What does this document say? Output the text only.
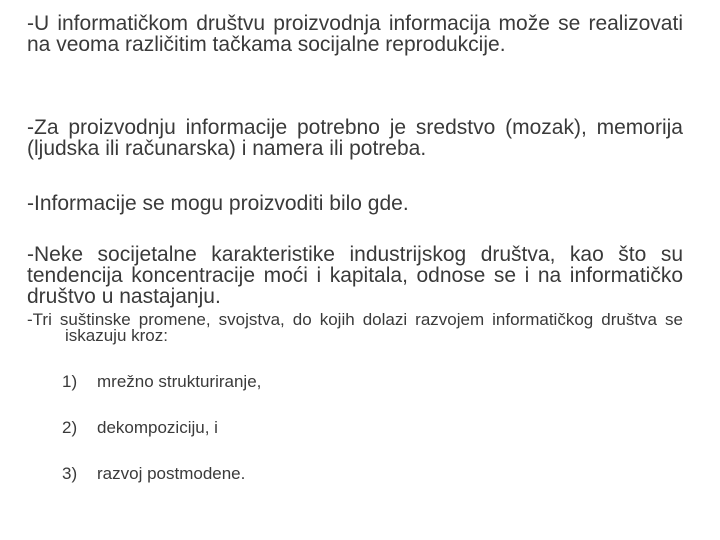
-U informatičkom društvu proizvodnja informacija može se realizovati na veoma različitim tačkama socijalne reprodukcije.

-Za proizvodnju informacije potrebno je sredstvo (mozak), memorija (ljudska ili računarska) i namera ili potreba.

-Informacije se mogu proizvoditi bilo gde.

-Neke socijetalne karakteristike industrijskog društva, kao što su tendencija koncentracije moći i kapitala, odnose se i na informatičko društvo u nastajanju.

-Tri suštinske promene, svojstva, do kojih dolazi razvojem informatičkog društva se iskazuju kroz:

1) mrežno strukturiranje,
2) dekompoziciju, i
3) razvoj postmodene.
